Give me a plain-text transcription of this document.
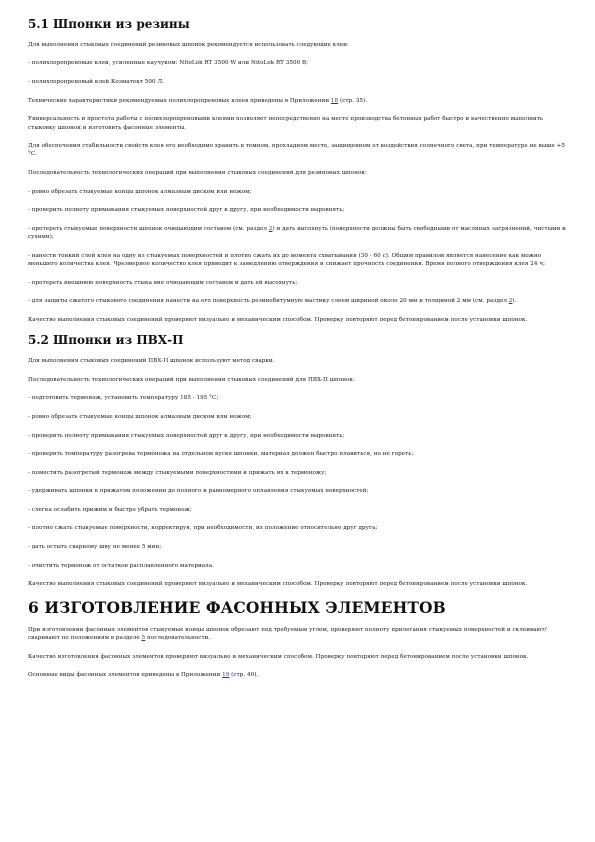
5.1 Шпонки из резины

Для выполнения стыковых соединений резиновых шпонок рекомендуется использовать следующие клеи:

- полихлоропреновые клеи, усиленные каучуком: NitoLok RT 3500 W или NitoLok RT 3500 B;

- полихлоропреновый клей Коэматект 500 Л.

Технические характеристики рекомендуемых полихлоропреновых клеев приведены в Приложении 18 (стр. 35).

Универсальность и простота работы с полихлоропреновыми клеями позволяет непосредственно на месте производства бетонных работ быстро и качественно выполнить стыковку шпонок и изготовить фасонные элементы.

Для обеспечения стабильности свойств клея его необходимо хранить в темном, прохладном месте, защищенном от воздействия солнечного света, при температуре не выше +5 °С.

Последовательность технологических операций при выполнении стыковых соединений для резиновых шпонок:

- ровно обрезать стыкуемые концы шпонок алмазным диском или ножом;

- проверить полноту примыкания стыкуемых поверхностей друг к другу, при необходимости выровнять;

- протереть стыкуемые поверхности шпонок очищающим составом (см. раздел 2) и дать высохнуть (поверхности должны быть свободными от масляных загрязнений, чистыми и сухими);

- нанести тонкий слой клея на одну из стыкуемых поверхностей и плотно сжать их до момента схватывания (30 - 60 с). Общим правилом является нанесение как можно меньшего количества клея. Чрезмерное количество клея приводит к замедлению отверждения и снижает прочность соединения. Время полного отверждения клея 24 ч;

- протереть внешнюю поверхность стыка вне очищающим составом и дать ей высохнуть;

- для защиты сжатого стыкового соединения нанести на его поверхность резинобитумную мастику слоем шириной около 20 мм и толщиной 2 мм (см. раздел 2).

Качество выполнения стыковых соединений проверяют визуально и механическим способом. Проверку повторяют перед бетонированием после установки шпонок.

5.2 Шпонки из ПВХ-П

Для выполнения стыковых соединений ПВХ-П шпонок используют метод сварки.

Последовательность технологических операций при выполнении стыковых соединений для ПВХ-П шпонок:

- подготовить термонож, установить температуру 185 - 195 °С;

- ровно обрезать стыкуемые концы шпонок алмазным диском или ножом;

- проверить полноту примыкания стыкуемых поверхностей друг к другу, при необходимости выровнять;

- проверить температуру разогрева термоножа на отдельном куске шпонки, материал должен быстро плавиться, но не гореть;

- поместить разогретый термонож между стыкуемыми поверхностями и прижать их к термоножу;

- удерживать шпонки в прижатом положении до полного и равномерного оплавления стыкуемых поверхностей;

- слегка ослабить прижим и быстро убрать термонож;

- плотно сжать стыкуемые поверхности, корректируя, при необходимости, их положение относительно друг друга;

- дать остыть сварному шву не менее 5 мин;

- очистить термонож от остатков расплавленного материала.

Качество выполнения стыковых соединений проверяют визуально и механическим способом. Проверку повторяют перед бетонированием после установки шпонок.

6 ИЗГОТОВЛЕНИЕ ФАСОННЫХ ЭЛЕМЕНТОВ

При изготовлении фасонных элементов стыкуемые концы шпонок обрезают под требуемым углом, проверяют полноту прилегания стыкуемых поверхностей и склеивают/сваривают по положениям в разделе 5 последовательности.

Качество изготовления фасонных элементов проверяют визуально и механическим способом. Проверку повторяют перед бетонированием после установки шпонок.

Основные виды фасонных элементов приведены в Приложении 19 (стр. 40).
